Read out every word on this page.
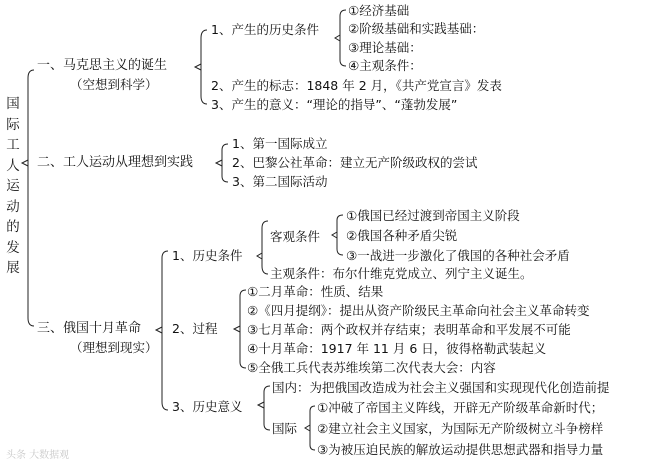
国际工人运动的发展
一、马克思主义的诞生
（空想到科学）
1、产生的历史条件
①经济基础
②阶级基础和实践基础：
③理论基础：
④主观条件：
2、产生的标志：1848 年 2 月，《共产党宣言》发表
3、产生的意义：“理论的指导”、“蓬勃发展”
二、工人运动从理想到实践
1、第一国际成立
2、巴黎公社革命：建立无产阶级政权的尝试
3、第二国际活动
三、俄国十月革命
（理想到现实）
1、历史条件
客观条件
①俄国已经过渡到帝国主义阶段
②俄国各种矛盾尖锐
③一战进一步激化了俄国的各种社会矛盾
主观条件：布尔什维克党成立、列宁主义诞生。
2、过程
①二月革命：性质、结果
②《四月提纲》：提出从资产阶级民主革命向社会主义革命转变
③七月革命：两个政权并存结束；表明革命和平发展不可能
④十月革命：1917 年 11 月 6 日，彼得格勒武装起义
⑤全俄工兵代表苏维埃第二次代表大会：内容
3、历史意义
国内：为把俄国改造成为社会主义强国和实现现代化创造前提
国际
①冲破了帝国主义阵线，开辟无产阶级革命新时代；
②建立社会主义国家，为国际无产阶级树立斗争榜样
③为被压迫民族的解放运动提供思想武器和指导力量
头条 大数据观
